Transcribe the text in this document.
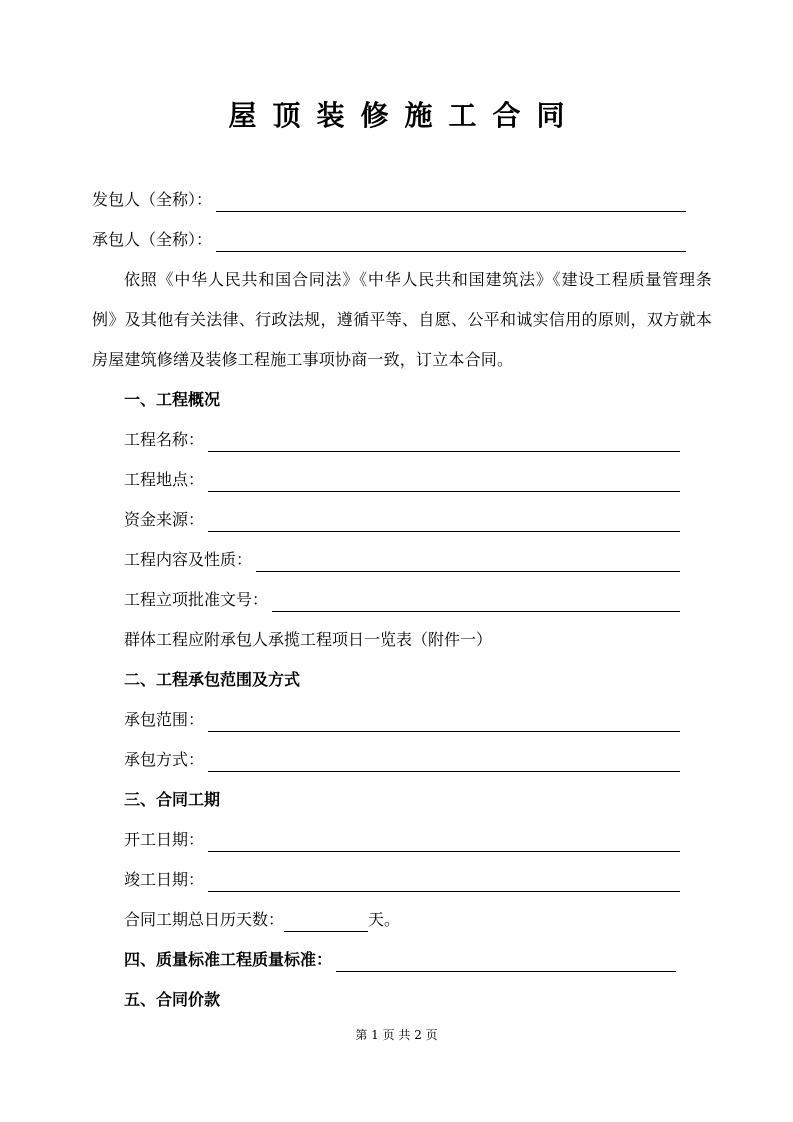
屋顶装修施工合同
发包人（全称）：
承包人（全称）：
依照《中华人民共和国合同法》《中华人民共和国建筑法》《建设工程质量管理条例》及其他有关法律、行政法规，遵循平等、自愿、公平和诚实信用的原则，双方就本房屋建筑修缮及装修工程施工事项协商一致，订立本合同。
一、工程概况
工程名称：
工程地点：
资金来源：
工程内容及性质：
工程立项批准文号：
群体工程应附承包人承揽工程项日一览表（附件一）
二、工程承包范围及方式
承包范围：
承包方式：
三、合同工期
开工日期：
竣工日期：
合同工期总日历天数：	天。
四、质量标准工程质量标准：
五、合同价款
第 1 页 共 2 页
